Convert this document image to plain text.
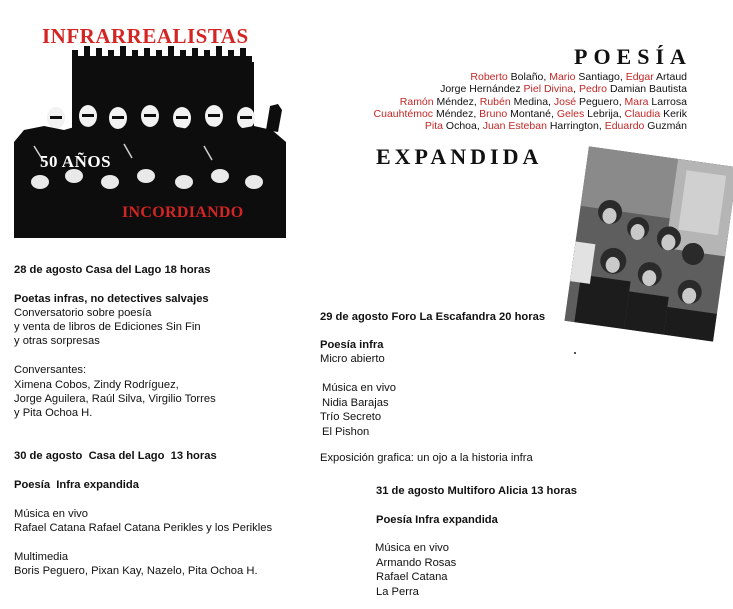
INFRARREALISTAS
50 AÑOS
INCORDIANDO
POESÍA
EXPANDIDA
Roberto Bolaño, Mario Santiago, Edgar Artaud
Jorge Hernández Piel Divina, Pedro Damian Bautista
Ramón Méndez, Rubén Medina, José Peguero, Mara Larrosa
Cuauhtémoc Méndez, Bruno Montané, Geles Lebrija, Claudia Kerik
Pita Ochoa, Juan Esteban Harrington, Eduardo Guzmán
28 de agosto Casa del Lago 18 horas
Poetas infras, no detectives salvajes
Conversatorio sobre poesía
y venta de libros de Ediciones Sin Fin
y otras sorpresas
Conversantes:
Ximena Cobos, Zindy Rodríguez,
Jorge Aguilera, Raúl Silva, Virgilio Torres
y Pita Ochoa H.
30 de agosto  Casa del Lago  13 horas
Poesía  Infra expandida
Música en vivo
Rafael Catana Rafael Catana Perikles y los Perikles
Multimedia
Boris Peguero, Pixan Kay, Nazelo, Pita Ochoa H.
29 de agosto Foro La Escafandra 20 horas
Poesía infra
Micro abierto
Música en vivo
Nidia Barajas
Trío Secreto
El Pishon
Exposición grafica: un ojo a la historia infra
31 de agosto Multiforo Alicia 13 horas
Poesía Infra expandida
Música en vivo
Armando Rosas
Rafael Catana
La Perra
